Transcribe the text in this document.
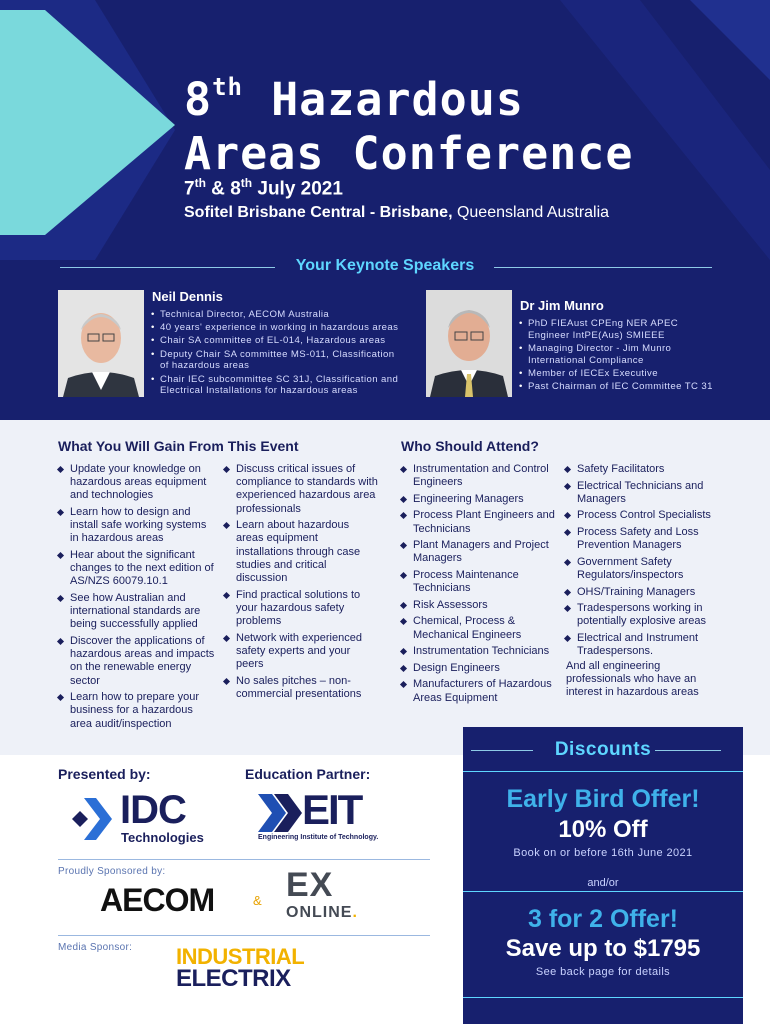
8th Hazardous
Areas Conference
7th & 8th July 2021
Sofitel Brisbane Central - Brisbane, Queensland Australia
Your Keynote Speakers
Neil Dennis
• Technical Director, AECOM Australia
• 40 years' experience in working in hazardous areas
• Chair SA committee of EL-014, Hazardous areas
• Deputy Chair SA committee MS-011, Classification of hazardous areas
• Chair IEC subcommittee SC 31J, Classification and Electrical Installations for hazardous areas
Dr Jim Munro
• PhD FIEAust CPEng NER APEC Engineer IntPE(Aus) SMIEEE
• Managing Director - Jim Munro International Compliance
• Member of IECEx Executive
• Past Chairman of IEC Committee TC 31
What You Will Gain From This Event
Update your knowledge on hazardous areas equipment and technologies
Learn how to design and install safe working systems in hazardous areas
Hear about the significant changes to the next edition of AS/NZS 60079.10.1
See how Australian and international standards are being successfully applied
Discover the applications of hazardous areas and impacts on the renewable energy sector
Learn how to prepare your business for a hazardous area audit/inspection
Discuss critical issues of compliance to standards with experienced hazardous area professionals
Learn about hazardous areas equipment installations through case studies and critical discussion
Find practical solutions to your hazardous safety problems
Network with experienced safety experts and your peers
No sales pitches – non-commercial presentations
Who Should Attend?
Instrumentation and Control Engineers
Engineering Managers
Process Plant Engineers and Technicians
Plant Managers and Project Managers
Process Maintenance Technicians
Risk Assessors
Chemical, Process & Mechanical Engineers
Instrumentation Technicians
Design Engineers
Manufacturers of Hazardous Areas Equipment
Safety Facilitators
Electrical Technicians and Managers
Process Control Specialists
Process Safety and Loss Prevention Managers
Government Safety Regulators/inspectors
OHS/Training Managers
Tradespersons working in potentially explosive areas
Electrical and Instrument Tradespersons.
And all engineering professionals who have an interest in hazardous areas
Presented by:
IDC
Technologies
Education Partner:
EIT
Engineering Institute of Technology.
Proudly Sponsored by:
AECOM	& EX
ONLINE.
Media Sponsor: INDUSTRIAL
ELECTRIX
Discounts
Early Bird Offer!
10% Off
Book on or before 16th June 2021
and/or
3 for 2 Offer!
Save up to $1795
See back page for details
